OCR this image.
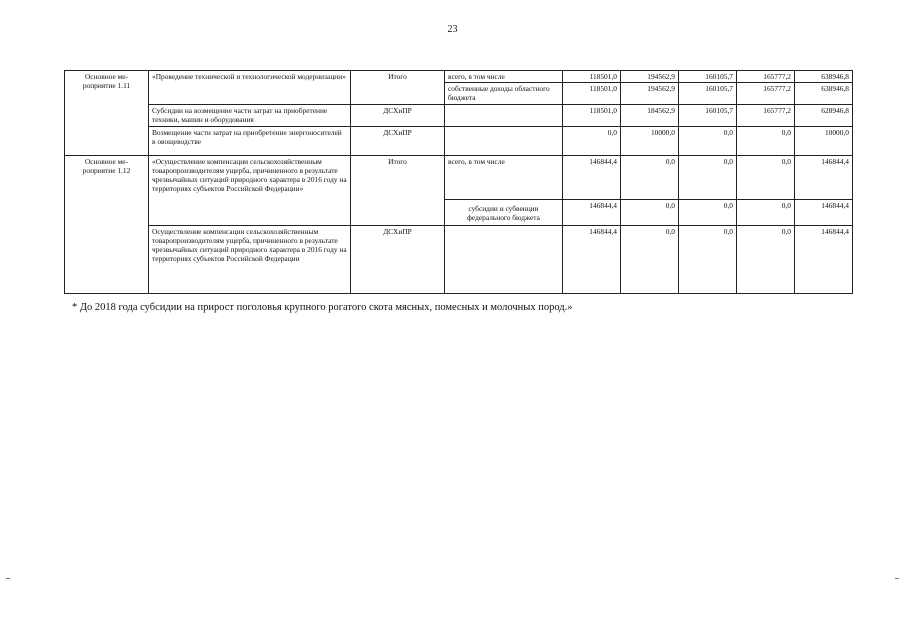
23
Основное ме-
роприятие 1.11	«Проведение технической и технологической модернизации»	Итого	всего, в том числе	118501,0	194562,9	160105,7	165777,2	638946,8
			собственные доходы областного бюджета	118501,0	194562,9	160105,7	165777,2	638946,8
	Субсидии на возмещение части затрат на приобретение техники, машин и оборудования	ДСХиПР		118501,0	184562,9	160105,7	165777,2	628946,8
	Возмещение части затрат на приобретение энергоносителей в овощеводстве	ДСХиПР		0,0	10000,0	0,0	0,0	10000,0
Основное ме-
роприятие 1.12	«Осуществление компенсации сельскохозяйственным товаропроизводителям ущерба, причиненного в результате чрезвычайных ситуаций природного характера в 2016 году на территориях субъектов Российской Федерации»	Итого	всего, в том числе	146844,4	0,0	0,0	0,0	146844,4
			субсидии и субвенции федерального бюджета	146844,4	0,0	0,0	0,0	146844,4
	Осуществление компенсации сельскохозяйственным товаропроизводителям ущерба, причиненного в результате чрезвычайных ситуаций природного характера в 2016 году на территориях субъектов Российской Федерации	ДСХиПР		146844,4	0,0	0,0	0,0	146844,4
* До 2018 года субсидии на прирост поголовья крупного рогатого скота мясных, помесных и молочных пород.»
